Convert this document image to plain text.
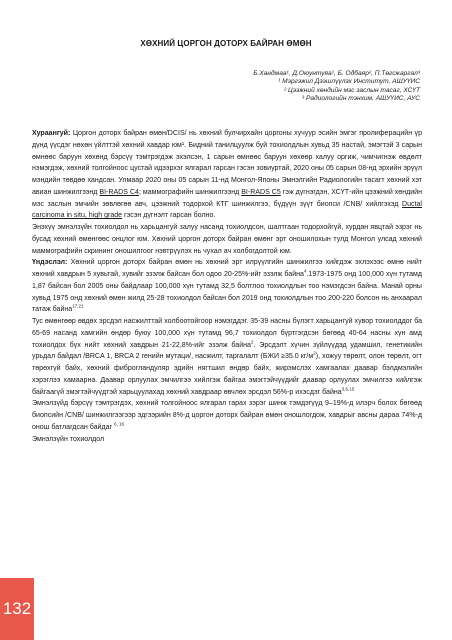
ХӨХНИЙ ЦОРГОН ДОТОРХ БАЙРАН ӨМӨН
Б.Хандмаа¹, Д.Оюунтуяа¹, Б. Одбаяр², П.Төгсжаргал³
¹ Мэргэжил Дээшлүүлэх Институт, АШУҮИС
² Цээжний хөндийн мэс заслын тасаг, ХСҮТ
³ Радиологийн тэнхим, АШУҮИС, АУС

Хураангуй: Цоргон доторх байран өмөн/DCIS/ нь хөхний булчирхайн цоргоны хучуур эсийн эмгэг пролиферацийн үр дүнд үүсдэг нөхөн үйлттэй хөхний хавдар юм¹. Бидний танилцуулж буй тохиолдлын хувьд 35 настай, эмэгтэй 3 сарын өмнөөс баруун хөхөнд бэрсүү тэмтрэгдэж эхэлсэн, 1 сарын өмнөөс баруун хөхөөр халуу оргиж, чимчигнэж өвдөлт нэмэгдэж, хөхний толгойноос цустай идээрхэг ялгарал гарсан гэсэн зовиуртай, 2020 оны 05 сарын 08-нд эрхийн эрүүл мэндийн төвдөө хандсан. Улмаар 2020 оны 05 сарын 11-нд Монгол-Японы Эмнэлгийн Радиологийн тасагт хөхний хэт авиан шинжилгээнд BI-RADS C4; маммографийн шинжилгээнд BI-RADS C5 гэж дүгнэгдэн, ХСҮТ-ийн цээжний хөндийн мэс заслын эмчийн зөвлөгөө авч, цээжний тодорхой КТГ шинжилгээ, бүдүүн зүүт биопси /CNB/ хийлгэхэд Ductal carcinoma in situ, high grade гэсэн дүгнэлт гарсан болно.

Энэхүү эмнэлзүйн тохиолдол нь харьцангуй залуу насанд тохиолдсон, шалтгаан тодорхойгүй, хурдан явцтай эзрэг нь бусад хөхний өмөнгөөс онцлог юм. Хөхний цоргон доторх байран өмөнг эрт оношилохын тулд Монгол улсад хөхний маммографийн скрининг оношилгоог нэвтрүүлэх нь чухал ач холбогдолтой юм.

Үндэслэл: Хөхний цоргон доторх байран өмөн нь хөхний эрт илрүүлгийн шинжилгээ хийгдэж эхлэхээс өмнө нийт хөхний хавдрын 5 хувьтай, хувийг эзэлж байсан бол одоо 20-25%-ийг эзэлж байна$^4$.1973-1975 онд 100,000 хүн тутамд 1,87 байсан бол 2005 оны байдлаар 100,000 хүн тутамд 32,5 болтлоо тохиолдлын тоо нэмэгдсэн байна. Манай орны хувьд 1975 онд хөхний өмөн жилд 25-28 тохиолдол байсан бол 2019 онд тохиолдлын тоо 200-220 болсон нь анхаарал татаж байна$^{17,21}$

Тус өмөнгөөр өвдөх эрсдэл насжилттай холбоотойгоор нэмэгддэг. 35-39 насны бүлэгт харьцангуй хувор тохиолддог ба 65-69 насанд хамгийн өндөр буюу 100,000 хүн тутамд 96,7 тохиолдол бүртгэгдсэн бөгөөд 40-64 насны хүн амд тохиолдох бүх нийт хөхний хавдрын 21-22,8%-ийг эзэлж байна$^2$. Эрсдэлт хүчин зүйлүүдэд удамшил, генетикийн урьдал байдал /BRCA 1, BRCA 2 генийн мутаци/, насжилт, таргалалт (БЖИ ≥35.0 $кг/м^2$), хожуу төрөлт, олон төрөлт, огт төрөхгүй байх, хөхний фиброгландуляр эдийн нягтшил өндөр байх, жирэмслэх хамгаалах даавар бэлдмэлийн хэрэглээ хамаарна. Даавар орлуулах эмчилгээ хийлгэж байгаа эмэгтэйчүүдийг даавар орлуулах эмчилгээ хийлгэж байгаагүй эмэгтэйчүүдтэй харьцуулахад хөхний хавдраар өвчлөх эрсдэл 56%-р ихэсдэг байна$^{3,6,15}$

Эмнэлзүйд бэрсүү тэмтрэгдэх, хөхний толгойноос ялгарал гарах зэрэг шинж тэмдэгүүд 9–19%-д илэрч болох бөгөөд биопсийн /CNB/ шинжилгээгээр эдгээрийн 8%-д цоргон доторх байран өмөн оношлогдож, хавдрыг авсны дараа 74%-д онош батлагдсан байдаг $^{6, 16}$

Эмнэлзүйн тохиолдол

132
